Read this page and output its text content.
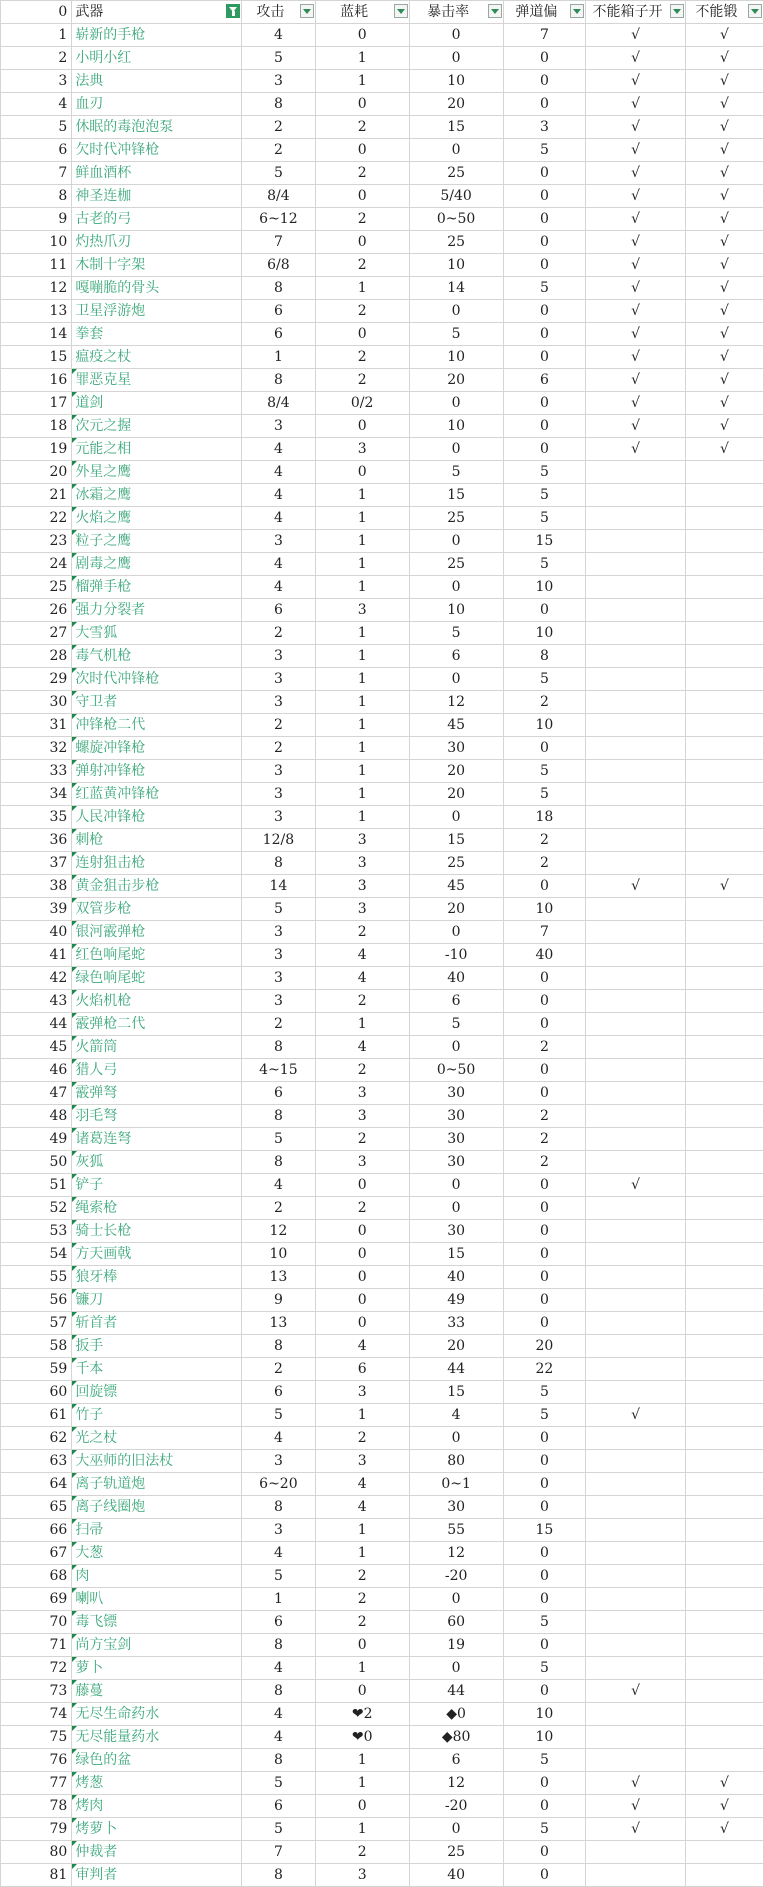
0	武器	攻击	蓝耗	暴击率	弹道偏	不能箱子开	不能锻

1	崭新的手枪	4	0	0	7	√	√
2	小明小红	5	1	0	0	√	√
3	法典	3	1	10	0	√	√
4	血刃	8	0	20	0	√	√
5	休眠的毒泡泡泵	2	2	15	3	√	√
6	欠时代冲锋枪	2	0	0	5	√	√
7	鲜血酒杯	5	2	25	0	√	√
8	神圣连枷	8/4	0	5/40	0	√	√
9	古老的弓	6~12	2	0~50	0	√	√
10	灼热爪刃	7	0	25	0	√	√
11	木制十字架	6/8	2	10	0	√	√
12	嘎嘣脆的骨头	8	1	14	5	√	√
13	卫星浮游炮	6	2	0	0	√	√
14	拳套	6	0	5	0	√	√
15	瘟疫之杖	1	2	10	0	√	√
16	罪恶克星	8	2	20	6	√	√
17	道剑	8/4	0/2	0	0	√	√
18	次元之握	3	0	10	0	√	√
19	元能之相	4	3	0	0	√	√
20	外星之鹰	4	0	5	5		
21	冰霜之鹰	4	1	15	5		
22	火焰之鹰	4	1	25	5		
23	粒子之鹰	3	1	0	15		
24	剧毒之鹰	4	1	25	5		
25	榴弹手枪	4	1	0	10		
26	强力分裂者	6	3	10	0		
27	大雪狐	2	1	5	10		
28	毒气机枪	3	1	6	8		
29	次时代冲锋枪	3	1	0	5		
30	守卫者	3	1	12	2		
31	冲锋枪二代	2	1	45	10		
32	螺旋冲锋枪	2	1	30	0		
33	弹射冲锋枪	3	1	20	5		
34	红蓝黄冲锋枪	3	1	20	5		
35	人民冲锋枪	3	1	0	18		
36	刺枪	12/8	3	15	2		
37	连射狙击枪	8	3	25	2		
38	黄金狙击步枪	14	3	45	0	√	√
39	双管步枪	5	3	20	10		
40	银河霰弹枪	3	2	0	7		
41	红色响尾蛇	3	4	-10	40		
42	绿色响尾蛇	3	4	40	0		
43	火焰机枪	3	2	6	0		
44	霰弹枪二代	2	1	5	0		
45	火箭筒	8	4	0	2		
46	猎人弓	4~15	2	0~50	0		
47	霰弹弩	6	3	30	0		
48	羽毛弩	8	3	30	2		
49	诸葛连弩	5	2	30	2		
50	灰狐	8	3	30	2		
51	铲子	4	0	0	0	√	
52	绳索枪	2	2	0	0		
53	骑士长枪	12	0	30	0		
54	方天画戟	10	0	15	0		
55	狼牙棒	13	0	40	0		
56	镰刀	9	0	49	0		
57	斩首者	13	0	33	0		
58	扳手	8	4	20	20		
59	千本	2	6	44	22		
60	回旋镖	6	3	15	5		
61	竹子	5	1	4	5	√	
62	光之杖	4	2	0	0		
63	大巫师的旧法杖	3	3	80	0		
64	离子轨道炮	6~20	4	0~1	0		
65	离子线圈炮	8	4	30	0		
66	扫帚	3	1	55	15		
67	大葱	4	1	12	0		
68	肉	5	2	-20	0		
69	喇叭	1	2	0	0		
70	毒飞镖	6	2	60	5		
71	尚方宝剑	8	0	19	0		
72	萝卜	4	1	0	5		
73	藤蔓	8	0	44	0	√	
74	无尽生命药水	4	❤2	◆0	10		
75	无尽能量药水	4	❤0	◆80	10		
76	绿色的盆	8	1	6	5		
77	烤葱	5	1	12	0	√	√
78	烤肉	6	0	-20	0	√	√
79	烤萝卜	5	1	0	5	√	√
80	仲裁者	7	2	25	0		
81	审判者	8	3	40	0		
